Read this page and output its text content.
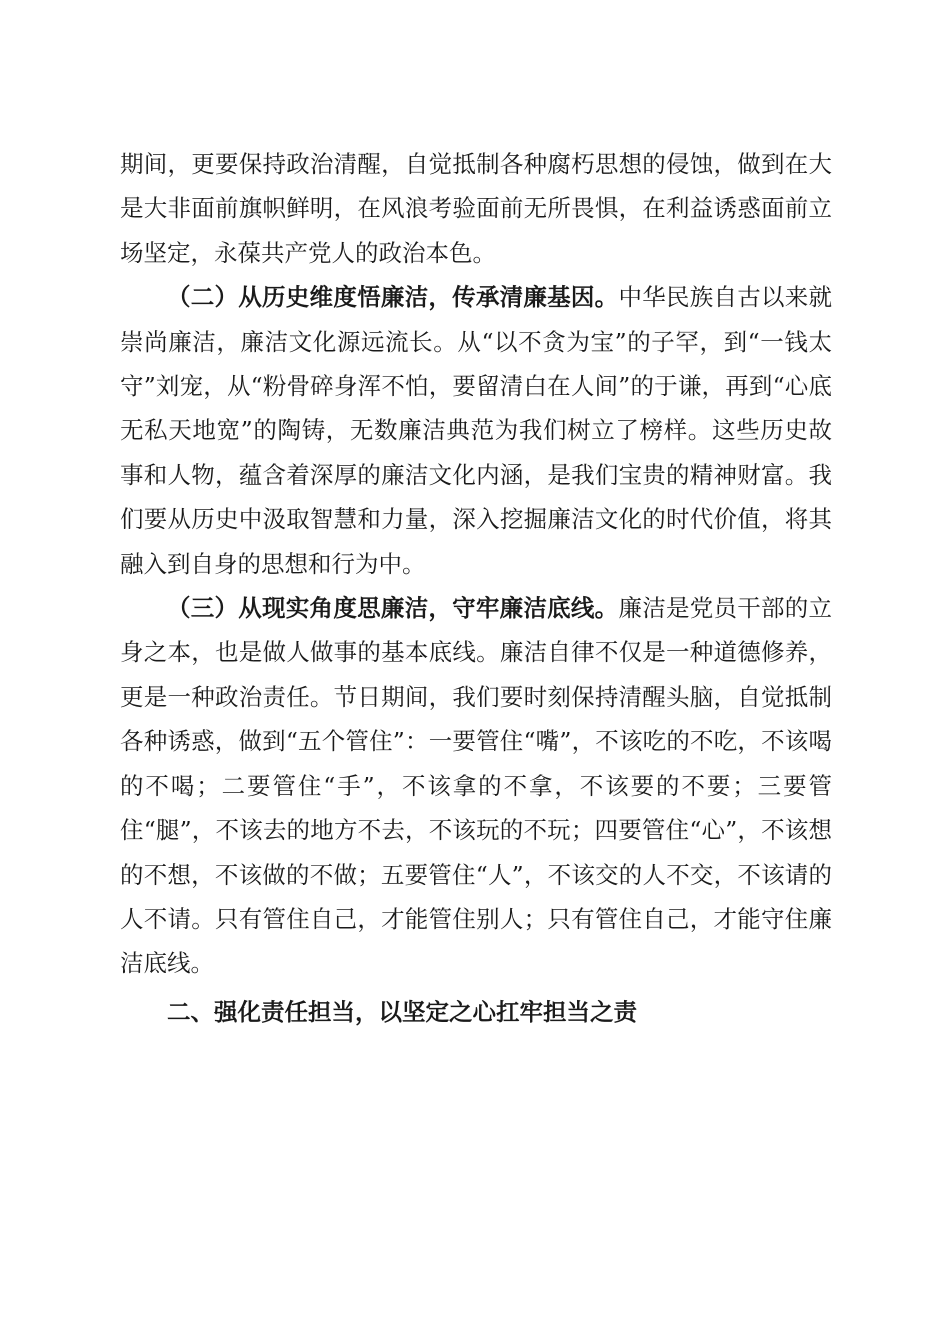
期间，更要保持政治清醒，自觉抵制各种腐朽思想的侵蚀，做到在大是大非面前旗帜鲜明，在风浪考验面前无所畏惧，在利益诱惑面前立场坚定，永葆共产党人的政治本色。

（二）从历史维度悟廉洁，传承清廉基因。中华民族自古以来就崇尚廉洁，廉洁文化源远流长。从“以不贪为宝”的子罕，到“一钱太守”刘宠，从“粉骨碎身浑不怕，要留清白在人间”的于谦，再到“心底无私天地宽”的陶铸，无数廉洁典范为我们树立了榜样。这些历史故事和人物，蕴含着深厚的廉洁文化内涵，是我们宝贵的精神财富。我们要从历史中汲取智慧和力量，深入挖掘廉洁文化的时代价值，将其融入到自身的思想和行为中。

（三）从现实角度思廉洁，守牢廉洁底线。廉洁是党员干部的立身之本，也是做人做事的基本底线。廉洁自律不仅是一种道德修养，更是一种政治责任。节日期间，我们要时刻保持清醒头脑，自觉抵制各种诱惑，做到“五个管住”：一要管住“嘴”，不该吃的不吃，不该喝的不喝；二要管住“手”，不该拿的不拿，不该要的不要；三要管住“腿”，不该去的地方不去，不该玩的不玩；四要管住“心”，不该想的不想，不该做的不做；五要管住“人”，不该交的人不交，不该请的人不请。只有管住自己，才能管住别人；只有管住自己，才能守住廉洁底线。

二、强化责任担当，以坚定之心扛牢担当之责
